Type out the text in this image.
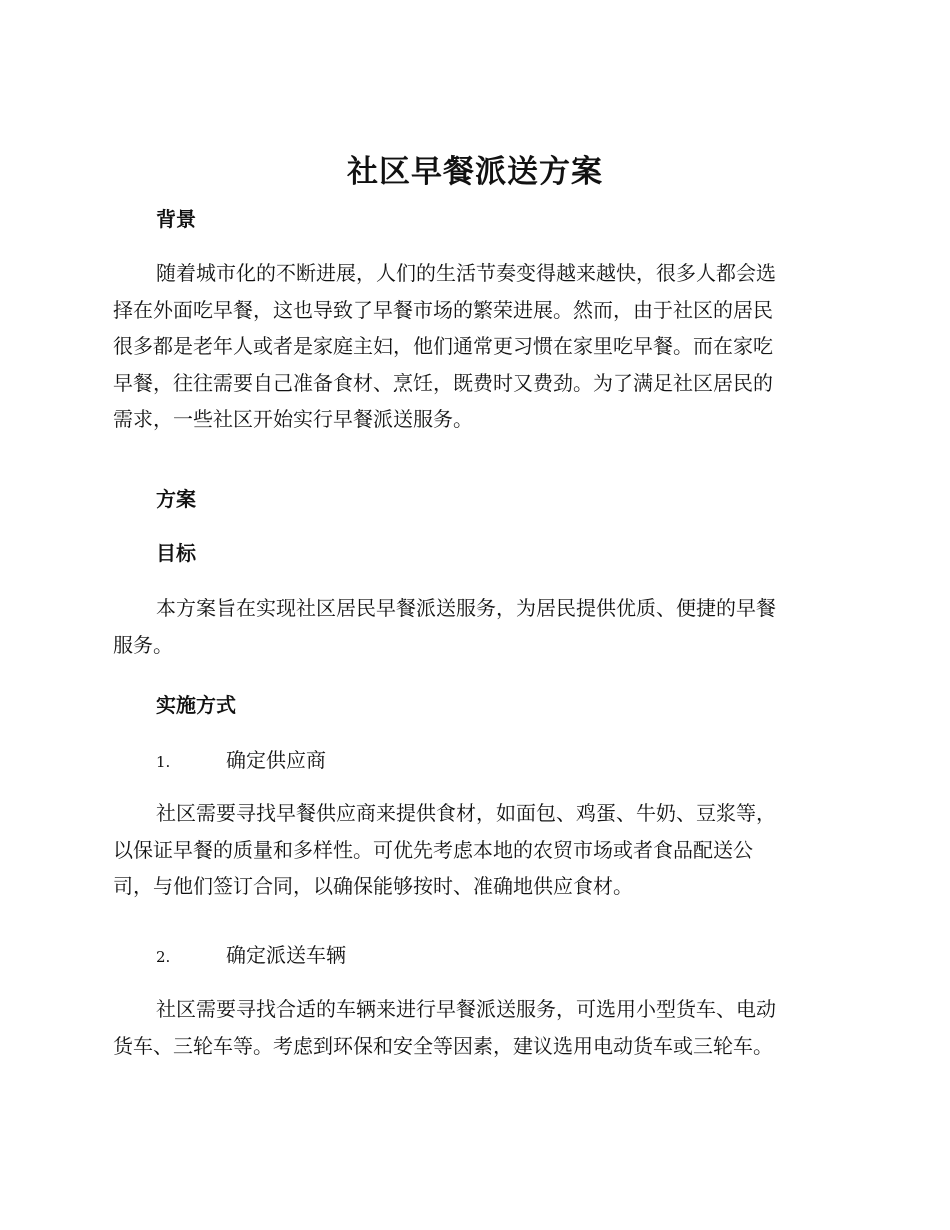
社区早餐派送方案

背景

随着城市化的不断进展，人们的生活节奏变得越来越快，很多人都会选
择在外面吃早餐，这也导致了早餐市场的繁荣进展。然而，由于社区的居民
很多都是老年人或者是家庭主妇，他们通常更习惯在家里吃早餐。而在家吃
早餐，往往需要自己准备食材、烹饪，既费时又费劲。为了满足社区居民的
需求，一些社区开始实行早餐派送服务。

方案

目标

本方案旨在实现社区居民早餐派送服务，为居民提供优质、便捷的早餐
服务。

实施方式

1.	确定供应商

社区需要寻找早餐供应商来提供食材，如面包、鸡蛋、牛奶、豆浆等，
以保证早餐的质量和多样性。可优先考虑本地的农贸市场或者食品配送公
司，与他们签订合同，以确保能够按时、准确地供应食材。

2.	确定派送车辆

社区需要寻找合适的车辆来进行早餐派送服务，可选用小型货车、电动
货车、三轮车等。考虑到环保和安全等因素，建议选用电动货车或三轮车。
